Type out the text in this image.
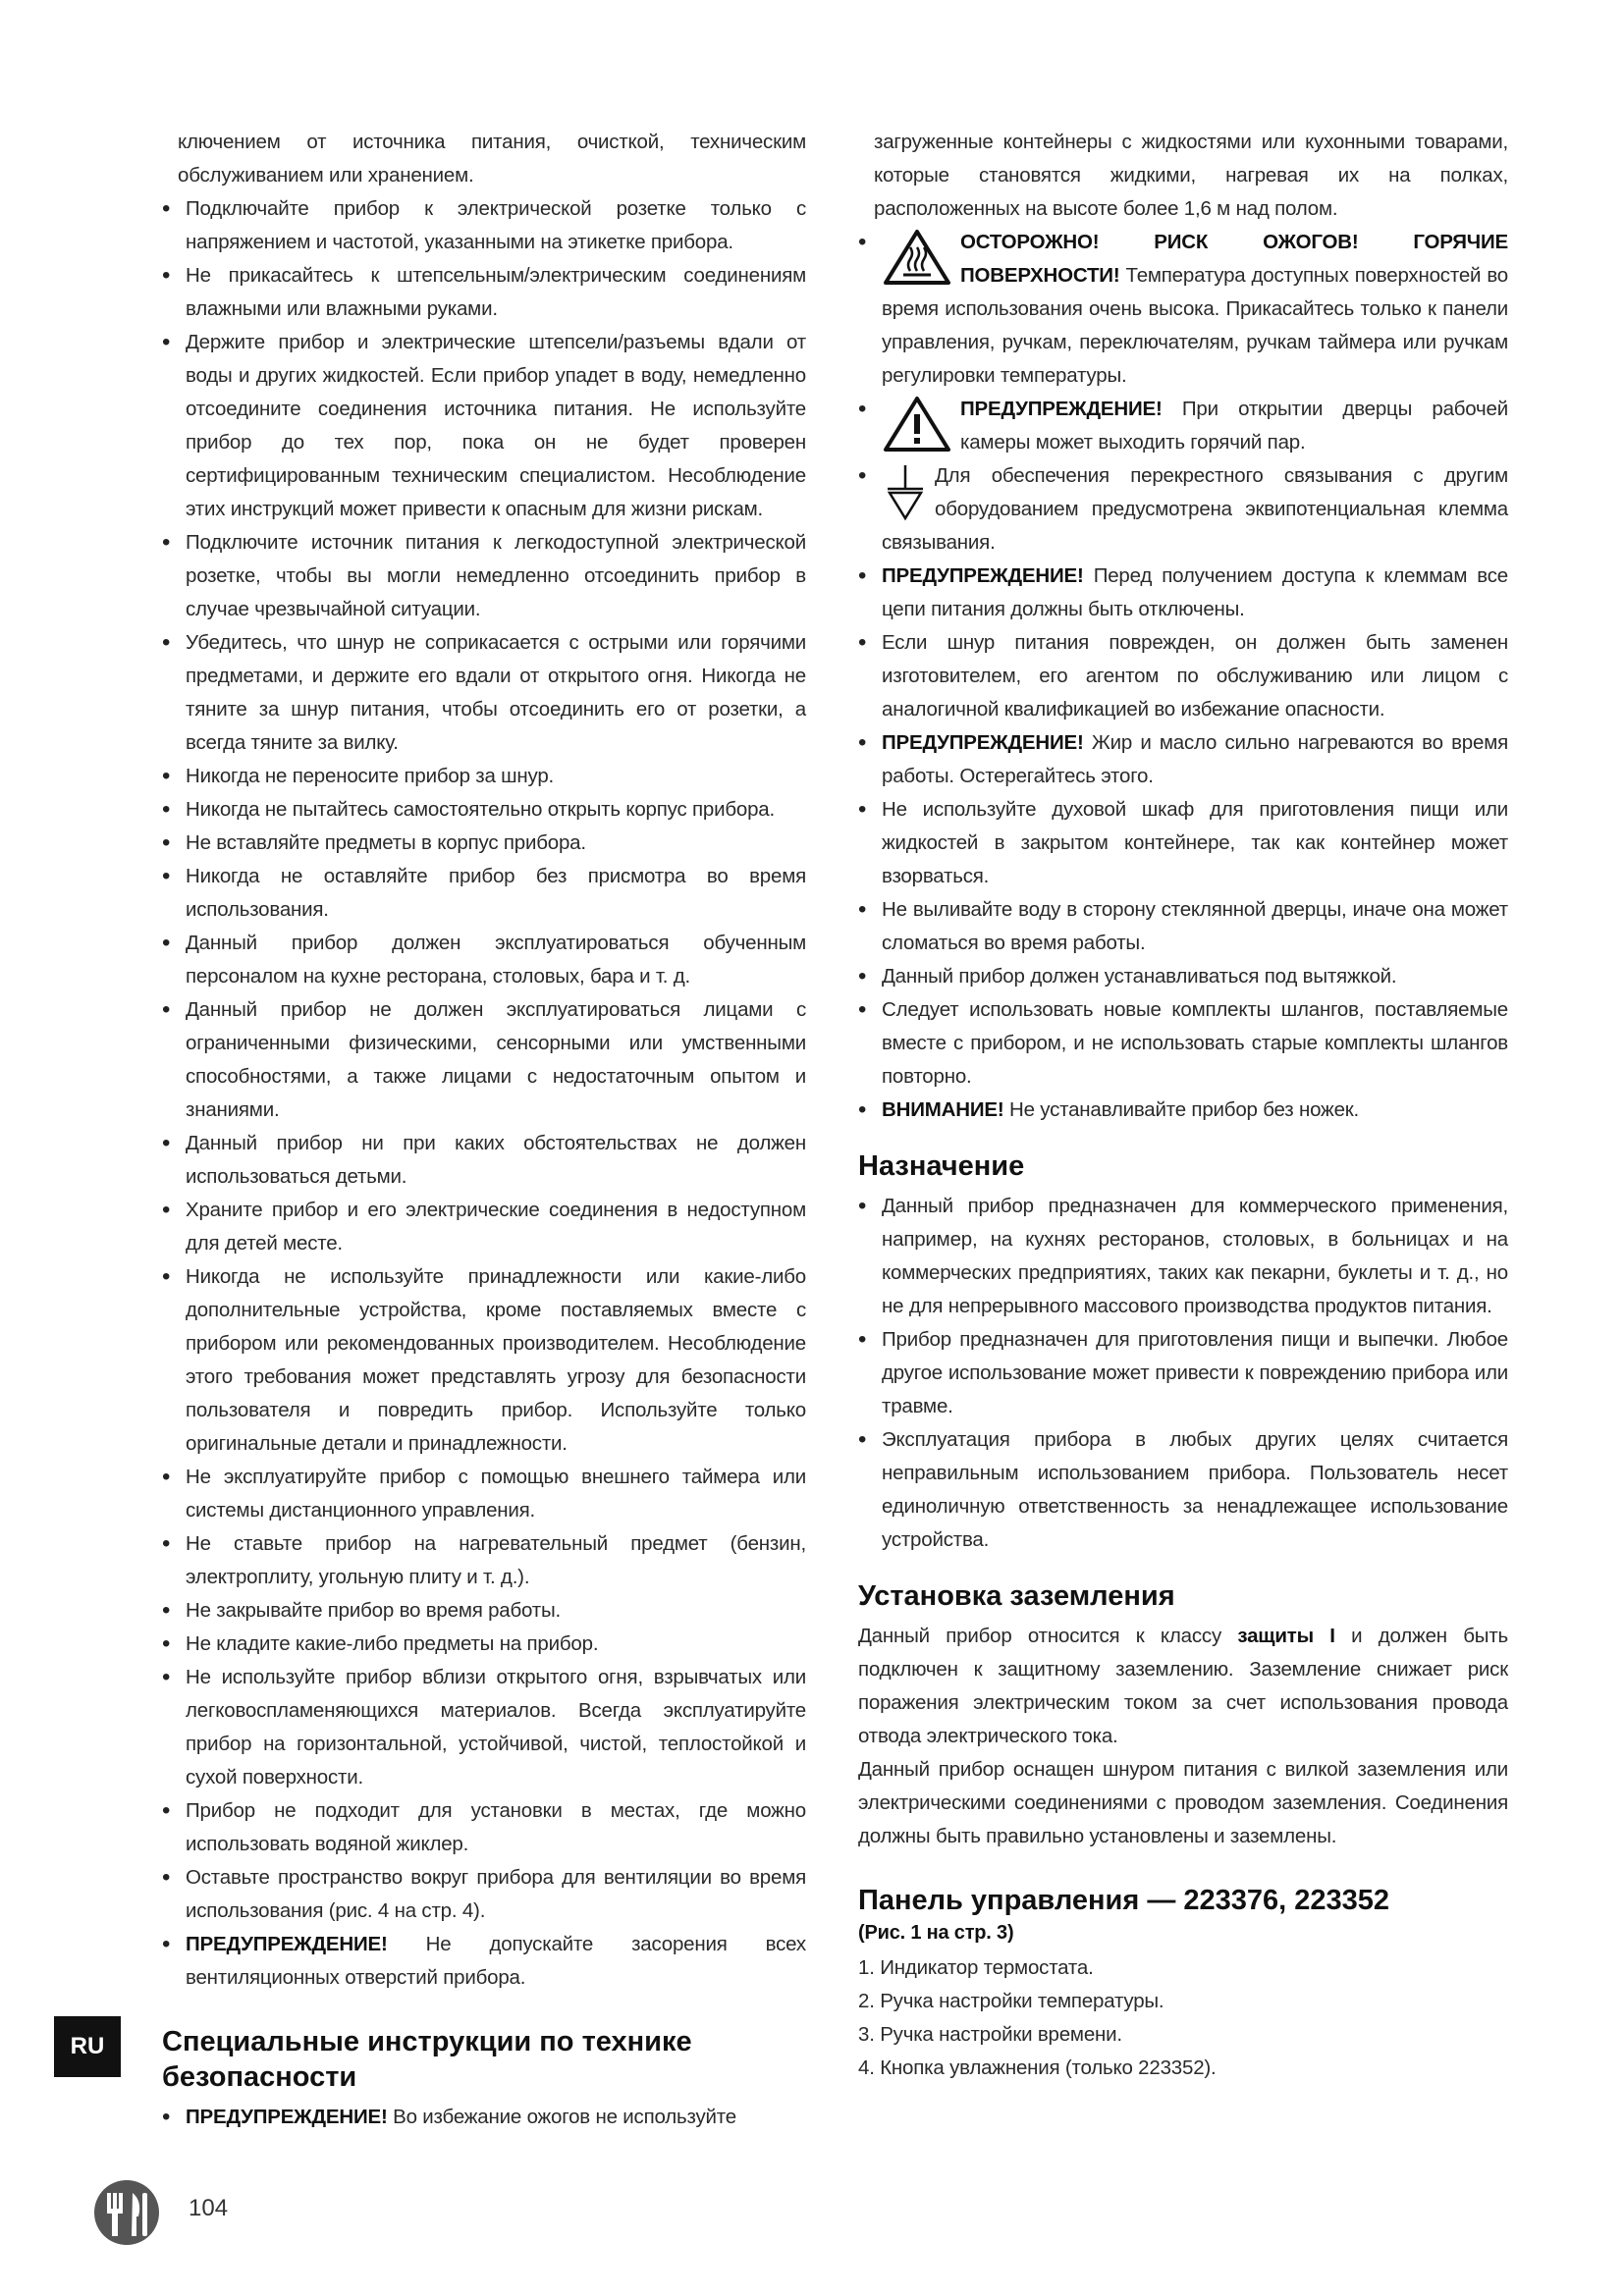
ключением от источника питания, очисткой, техническим обслуживанием или хранением.

• Подключайте прибор к электрической розетке только с напряжением и частотой, указанными на этикетке прибора.
• Не прикасайтесь к штепсельным/электрическим соединениям влажными или влажными руками.
• Держите прибор и электрические штепсели/разъемы вдали от воды и других жидкостей. Если прибор упадет в воду, немедленно отсоедините соединения источника питания. Не используйте прибор до тех пор, пока он не будет проверен сертифицированным техническим специалистом. Несоблюдение этих инструкций может привести к опасным для жизни рискам.
• Подключите источник питания к легкодоступной электрической розетке, чтобы вы могли немедленно отсоединить прибор в случае чрезвычайной ситуации.
• Убедитесь, что шнур не соприкасается с острыми или горячими предметами, и держите его вдали от открытого огня. Никогда не тяните за шнур питания, чтобы отсоединить его от розетки, а всегда тяните за вилку.
• Никогда не переносите прибор за шнур.
• Никогда не пытайтесь самостоятельно открыть корпус прибора.
• Не вставляйте предметы в корпус прибора.
• Никогда не оставляйте прибор без присмотра во время использования.
• Данный прибор должен эксплуатироваться обученным персоналом на кухне ресторана, столовых, бара и т. д.
• Данный прибор не должен эксплуатироваться лицами с ограниченными физическими, сенсорными или умственными способностями, а также лицами с недостаточным опытом и знаниями.
• Данный прибор ни при каких обстоятельствах не должен использоваться детьми.
• Храните прибор и его электрические соединения в недоступном для детей месте.
• Никогда не используйте принадлежности или какие-либо дополнительные устройства, кроме поставляемых вместе с прибором или рекомендованных производителем. Несоблюдение этого требования может представлять угрозу для безопасности пользователя и повредить прибор. Используйте только оригинальные детали и принадлежности.
• Не эксплуатируйте прибор с помощью внешнего таймера или системы дистанционного управления.
• Не ставьте прибор на нагревательный предмет (бензин, электроплиту, угольную плиту и т. д.).
• Не закрывайте прибор во время работы.
• Не кладите какие-либо предметы на прибор.
• Не используйте прибор вблизи открытого огня, взрывчатых или легковоспламеняющихся материалов. Всегда эксплуатируйте прибор на горизонтальной, устойчивой, чистой, теплостойкой и сухой поверхности.
• Прибор не подходит для установки в местах, где можно использовать водяной жиклер.
• Оставьте пространство вокруг прибора для вентиляции во время использования (рис. 4 на стр. 4).
• ПРЕДУПРЕЖДЕНИЕ! Не допускайте засорения всех вентиляционных отверстий прибора.
Специальные инструкции по технике безопасности
• ПРЕДУПРЕЖДЕНИЕ! Во избежание ожогов не используйте

загруженные контейнеры с жидкостями или кухонными товарами, которые становятся жидкими, нагревая их на полках, расположенных на высоте более 1,6 м над полом.

• ОСТОРОЖНО! РИСК ОЖОГОВ! ГОРЯЧИЕ ПОВЕРХНОСТИ! Температура доступных поверхностей во время использования очень высока. Прикасайтесь только к панели управления, ручкам, переключателям, ручкам таймера или ручкам регулировки температуры.
• ПРЕДУПРЕЖДЕНИЕ! При открытии дверцы рабочей камеры может выходить горячий пар.
• Для обеспечения перекрестного связывания с другим оборудованием предусмотрена эквипотенциальная клемма связывания.
• ПРЕДУПРЕЖДЕНИЕ! Перед получением доступа к клеммам все цепи питания должны быть отключены.
• Если шнур питания поврежден, он должен быть заменен изготовителем, его агентом по обслуживанию или лицом с аналогичной квалификацией во избежание опасности.
• ПРЕДУПРЕЖДЕНИЕ! Жир и масло сильно нагреваются во время работы. Остерегайтесь этого.
• Не используйте духовой шкаф для приготовления пищи или жидкостей в закрытом контейнере, так как контейнер может взорваться.
• Не выливайте воду в сторону стеклянной дверцы, иначе она может сломаться во время работы.
• Данный прибор должен устанавливаться под вытяжкой.
• Следует использовать новые комплекты шлангов, поставляемые вместе с прибором, и не использовать старые комплекты шлангов повторно.
• ВНИМАНИЕ! Не устанавливайте прибор без ножек.
Назначение
• Данный прибор предназначен для коммерческого применения, например, на кухнях ресторанов, столовых, в больницах и на коммерческих предприятиях, таких как пекарни, буклеты и т. д., но не для непрерывного массового производства продуктов питания.
• Прибор предназначен для приготовления пищи и выпечки. Любое другое использование может привести к повреждению прибора или травме.
• Эксплуатация прибора в любых других целях считается неправильным использованием прибора. Пользователь несет единоличную ответственность за ненадлежащее использование устройства.
Установка заземления

Данный прибор относится к классу защиты I и должен быть подключен к защитному заземлению. Заземление снижает риск поражения электрическим током за счет использования провода отвода электрического тока.

Данный прибор оснащен шнуром питания с вилкой заземления или электрическими соединениями с проводом заземления. Соединения должны быть правильно установлены и заземлены.

Панель управления — 223376, 223352
(Рис. 1 на стр. 3)
1. Индикатор термостата.
2. Ручка настройки температуры.
3. Ручка настройки времени.
4. Кнопка увлажнения (только 223352).
RU
104
